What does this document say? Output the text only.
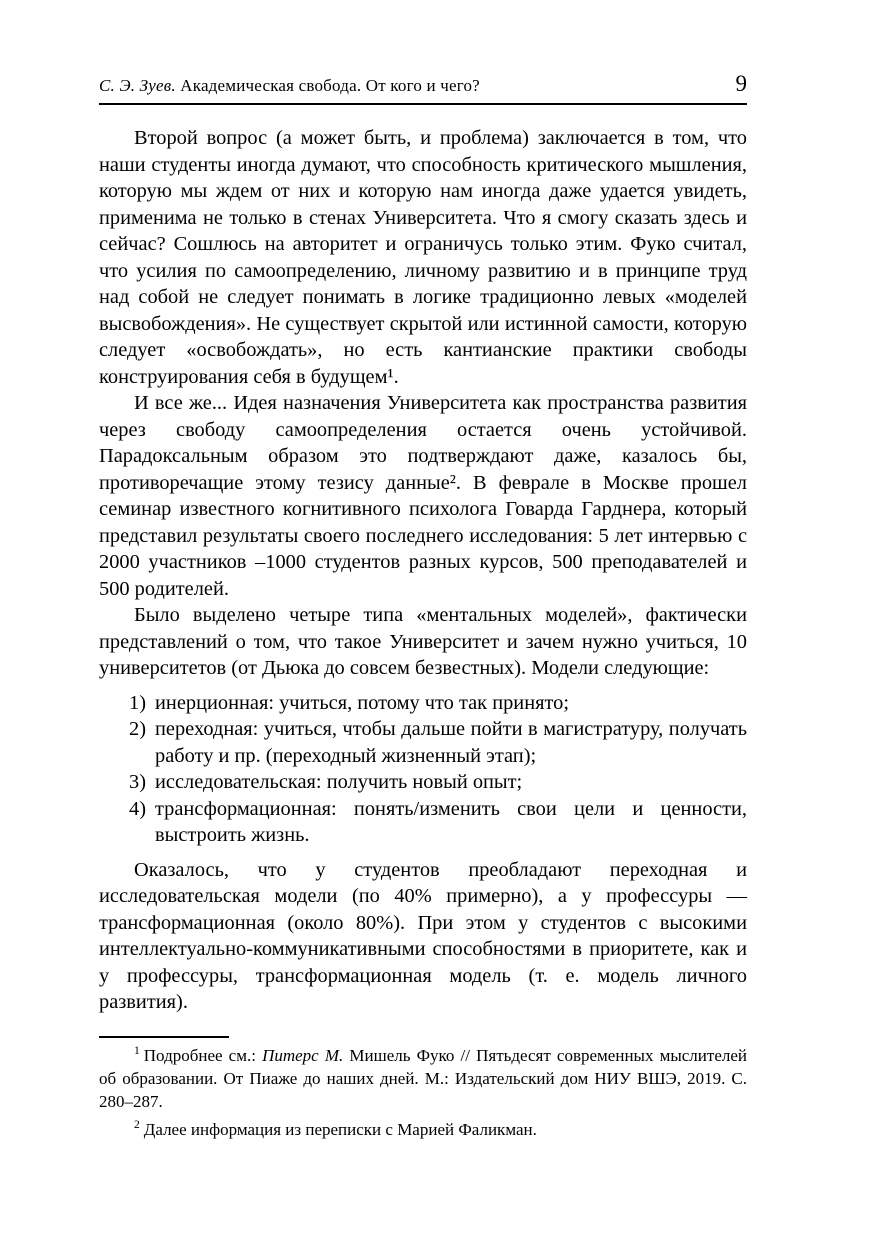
С. Э. Зуев. Академическая свобода. От кого и чего?	9

Второй вопрос (а может быть, и проблема) заключается в том, что наши студенты иногда думают, что способность критического мышления, которую мы ждем от них и которую нам иногда даже удается увидеть, применима не только в стенах Университета. Что я смогу сказать здесь и сейчас? Сошлюсь на авторитет и ограничусь только этим. Фуко считал, что усилия по самоопределению, личному развитию и в принципе труд над собой не следует понимать в логике традиционно левых «моделей высвобождения». Не существует скрытой или истинной самости, которую следует «освобождать», но есть кантианские практики свободы конструирования себя в будущем¹.

И все же... Идея назначения Университета как пространства развития через свободу самоопределения остается очень устойчивой. Парадоксальным образом это подтверждают даже, казалось бы, противоречащие этому тезису данные². В феврале в Москве прошел семинар известного когнитивного психолога Говарда Гарднера, который представил результаты своего последнего исследования: 5 лет интервью с 2000 участников –1000 студентов разных курсов, 500 преподавателей и 500 родителей.

Было выделено четыре типа «ментальных моделей», фактически представлений о том, что такое Университет и зачем нужно учиться, 10 университетов (от Дьюка до совсем безвестных). Модели следующие:

1) инерционная: учиться, потому что так принято;
2) переходная: учиться, чтобы дальше пойти в магистратуру, получать работу и пр. (переходный жизненный этап);
3) исследовательская: получить новый опыт;
4) трансформационная: понять/изменить свои цели и ценности, выстроить жизнь.

Оказалось, что у студентов преобладают переходная и исследовательская модели (по 40% примерно), а у профессуры — трансформационная (около 80%). При этом у студентов с высокими интеллектуально-коммуникативными способностями в приоритете, как и у профессуры, трансформационная модель (т. е. модель личного развития).

$^1$ Подробнее см.: Питерс М. Мишель Фуко // Пятьдесят современных мыслителей об образовании. От Пиаже до наших дней. М.: Издательский дом НИУ ВШЭ, 2019. С. 280–287.

$^2$ Далее информация из переписки с Марией Фаликман.
